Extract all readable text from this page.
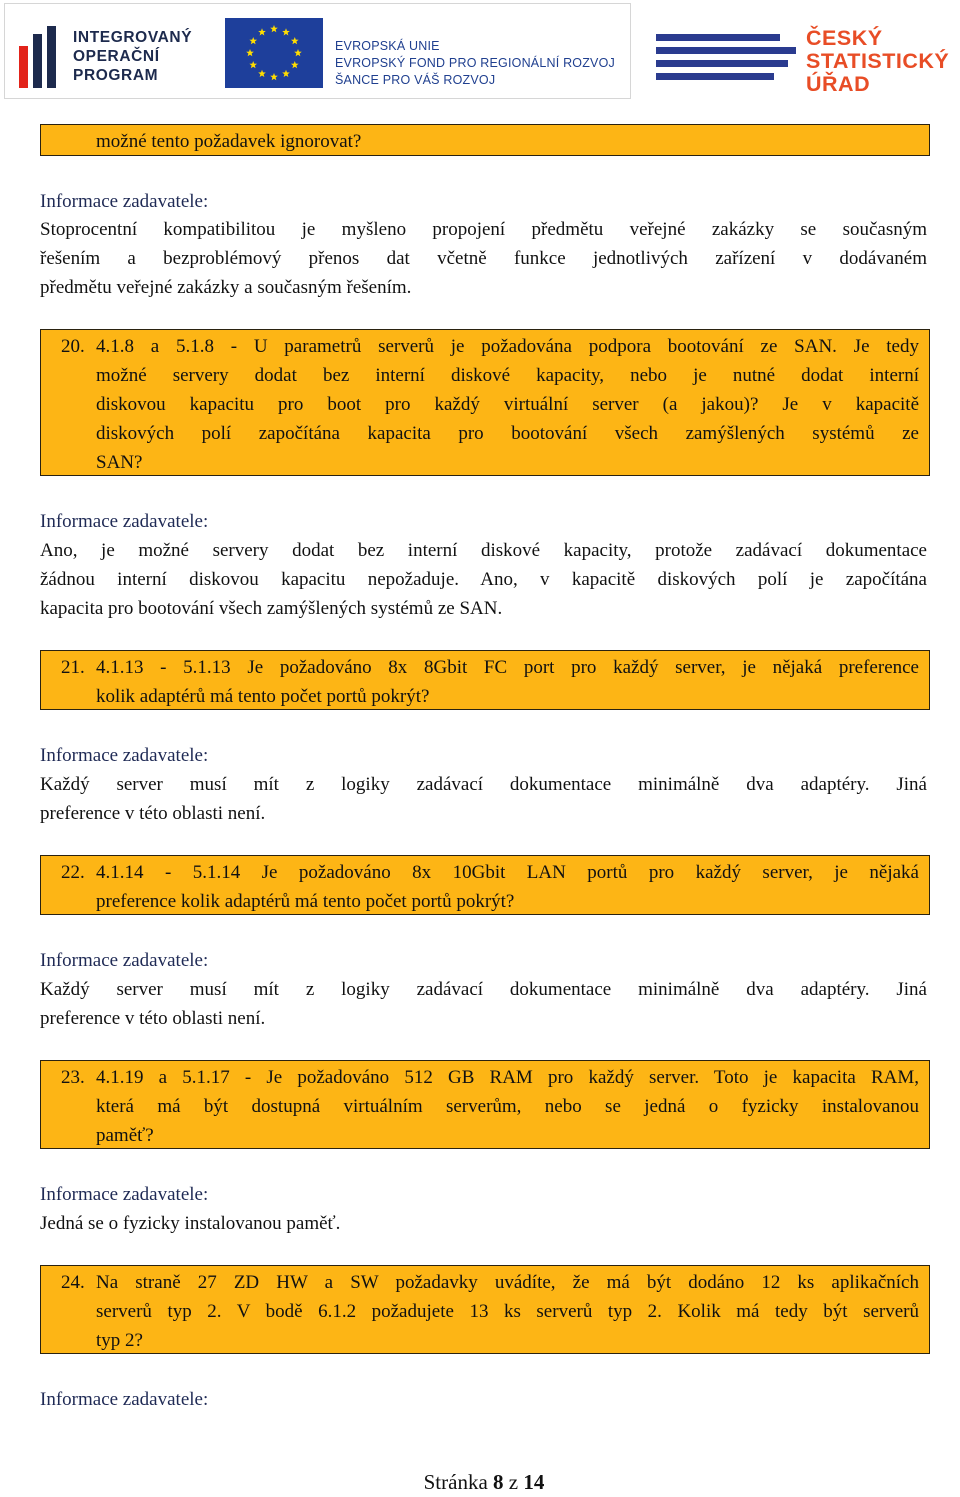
INTEGROVANÝ
OPERAČNÍ
PROGRAM
EVROPSKÁ UNIE
EVROPSKÝ FOND PRO REGIONÁLNÍ ROZVOJ
ŠANCE PRO VÁŠ ROZVOJ
ČESKÝ
STATISTICKÝ
ÚŘAD
možné tento požadavek ignorovat?
Informace zadavatele:
Stoprocentní kompatibilitou je myšleno propojení předmětu veřejné zakázky se současným
řešením a bezproblémový přenos dat včetně funkce jednotlivých zařízení v dodávaném
předmětu veřejné zakázky a současným řešením.
20. 4.1.8 a 5.1.8 - U parametrů serverů je požadována podpora bootování ze SAN. Je tedy
možné servery dodat bez interní diskové kapacity, nebo je nutné dodat interní
diskovou kapacitu pro boot pro každý virtuální server (a jakou)? Je v kapacitě
diskových polí započítána kapacita pro bootování všech zamýšlených systémů ze
SAN?
Informace zadavatele:
Ano, je možné servery dodat bez interní diskové kapacity, protože zadávací dokumentace
žádnou interní diskovou kapacitu nepožaduje. Ano, v kapacitě diskových polí je započítána
kapacita pro bootování všech zamýšlených systémů ze SAN.
21. 4.1.13 - 5.1.13 Je požadováno 8x 8Gbit FC port pro každý server, je nějaká preference
kolik adaptérů má tento počet portů pokrýt?
Informace zadavatele:
Každý server musí mít z logiky zadávací dokumentace minimálně dva adaptéry. Jiná
preference v této oblasti není.
22. 4.1.14 - 5.1.14 Je požadováno 8x 10Gbit LAN portů pro každý server, je nějaká
preference kolik adaptérů má tento počet portů pokrýt?
Informace zadavatele:
Každý server musí mít z logiky zadávací dokumentace minimálně dva adaptéry. Jiná
preference v této oblasti není.
23. 4.1.19 a 5.1.17 - Je požadováno 512 GB RAM pro každý server. Toto je kapacita RAM,
která má být dostupná virtuálním serverům, nebo se jedná o fyzicky instalovanou
paměť?
Informace zadavatele:
Jedná se o fyzicky instalovanou paměť.
24. Na straně 27 ZD HW a SW požadavky uvádíte, že má být dodáno 12 ks aplikačních
serverů typ 2. V bodě 6.1.2 požadujete 13 ks serverů typ 2. Kolik má tedy být serverů
typ 2?
Informace zadavatele:
Stránka 8 z 14
